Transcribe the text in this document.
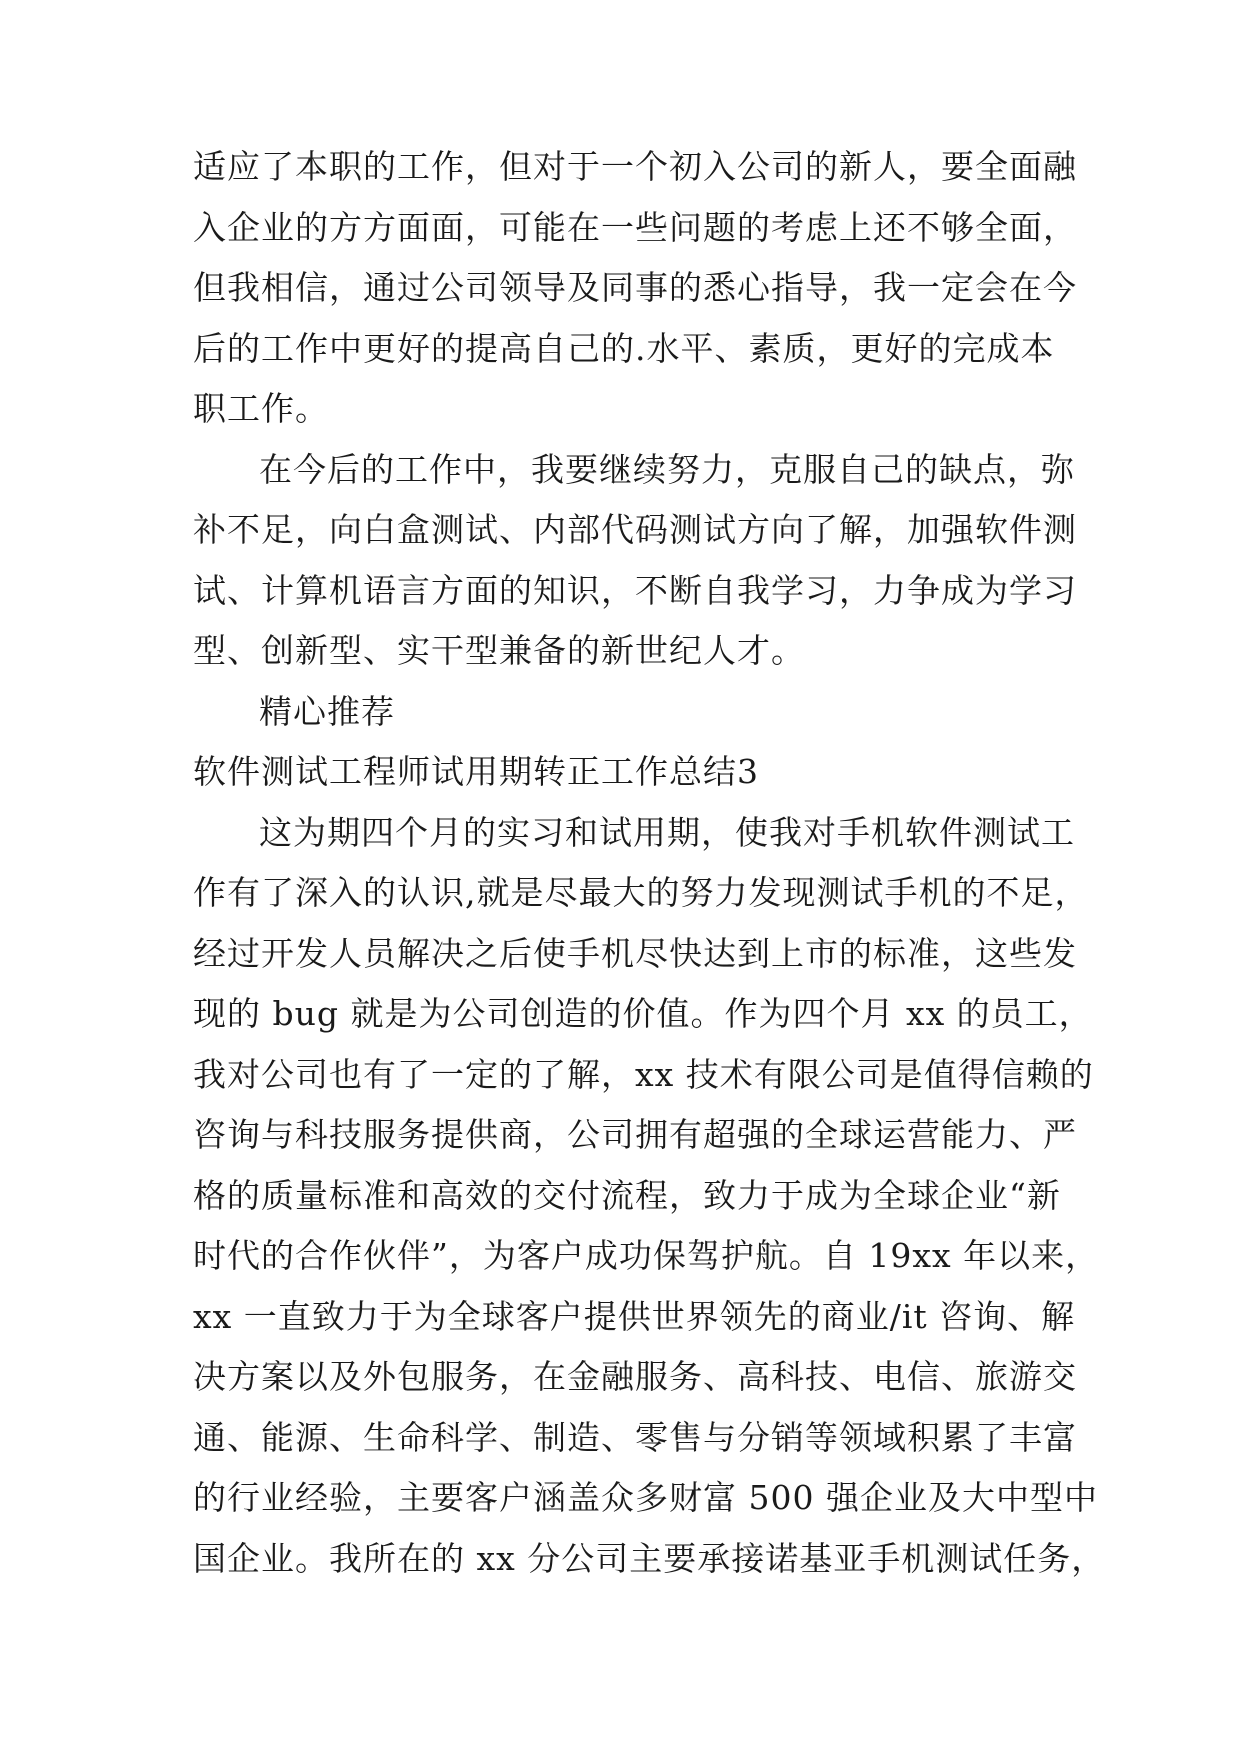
适应了本职的工作，但对于一个初入公司的新人，要全面融
入企业的方方面面，可能在一些问题的考虑上还不够全面，
但我相信，通过公司领导及同事的悉心指导，我一定会在今
后的工作中更好的提高自己的.水平、素质，更好的完成本
职工作。
在今后的工作中，我要继续努力，克服自己的缺点，弥
补不足，向白盒测试、内部代码测试方向了解，加强软件测
试、计算机语言方面的知识，不断自我学习，力争成为学习
型、创新型、实干型兼备的新世纪人才。
精心推荐
软件测试工程师试用期转正工作总结3
这为期四个月的实习和试用期，使我对手机软件测试工
作有了深入的认识,就是尽最大的努力发现测试手机的不足，
经过开发人员解决之后使手机尽快达到上市的标准，这些发
现的 bug 就是为公司创造的价值。作为四个月 xx 的员工，
我对公司也有了一定的了解，xx 技术有限公司是值得信赖的
咨询与科技服务提供商，公司拥有超强的全球运营能力、严
格的质量标准和高效的交付流程，致力于成为全球企业“新
时代的合作伙伴”，为客户成功保驾护航。自 19xx 年以来，
xx 一直致力于为全球客户提供世界领先的商业/it 咨询、解
决方案以及外包服务，在金融服务、高科技、电信、旅游交
通、能源、生命科学、制造、零售与分销等领域积累了丰富
的行业经验，主要客户涵盖众多财富 500 强企业及大中型中
国企业。我所在的 xx 分公司主要承接诺基亚手机测试任务，
